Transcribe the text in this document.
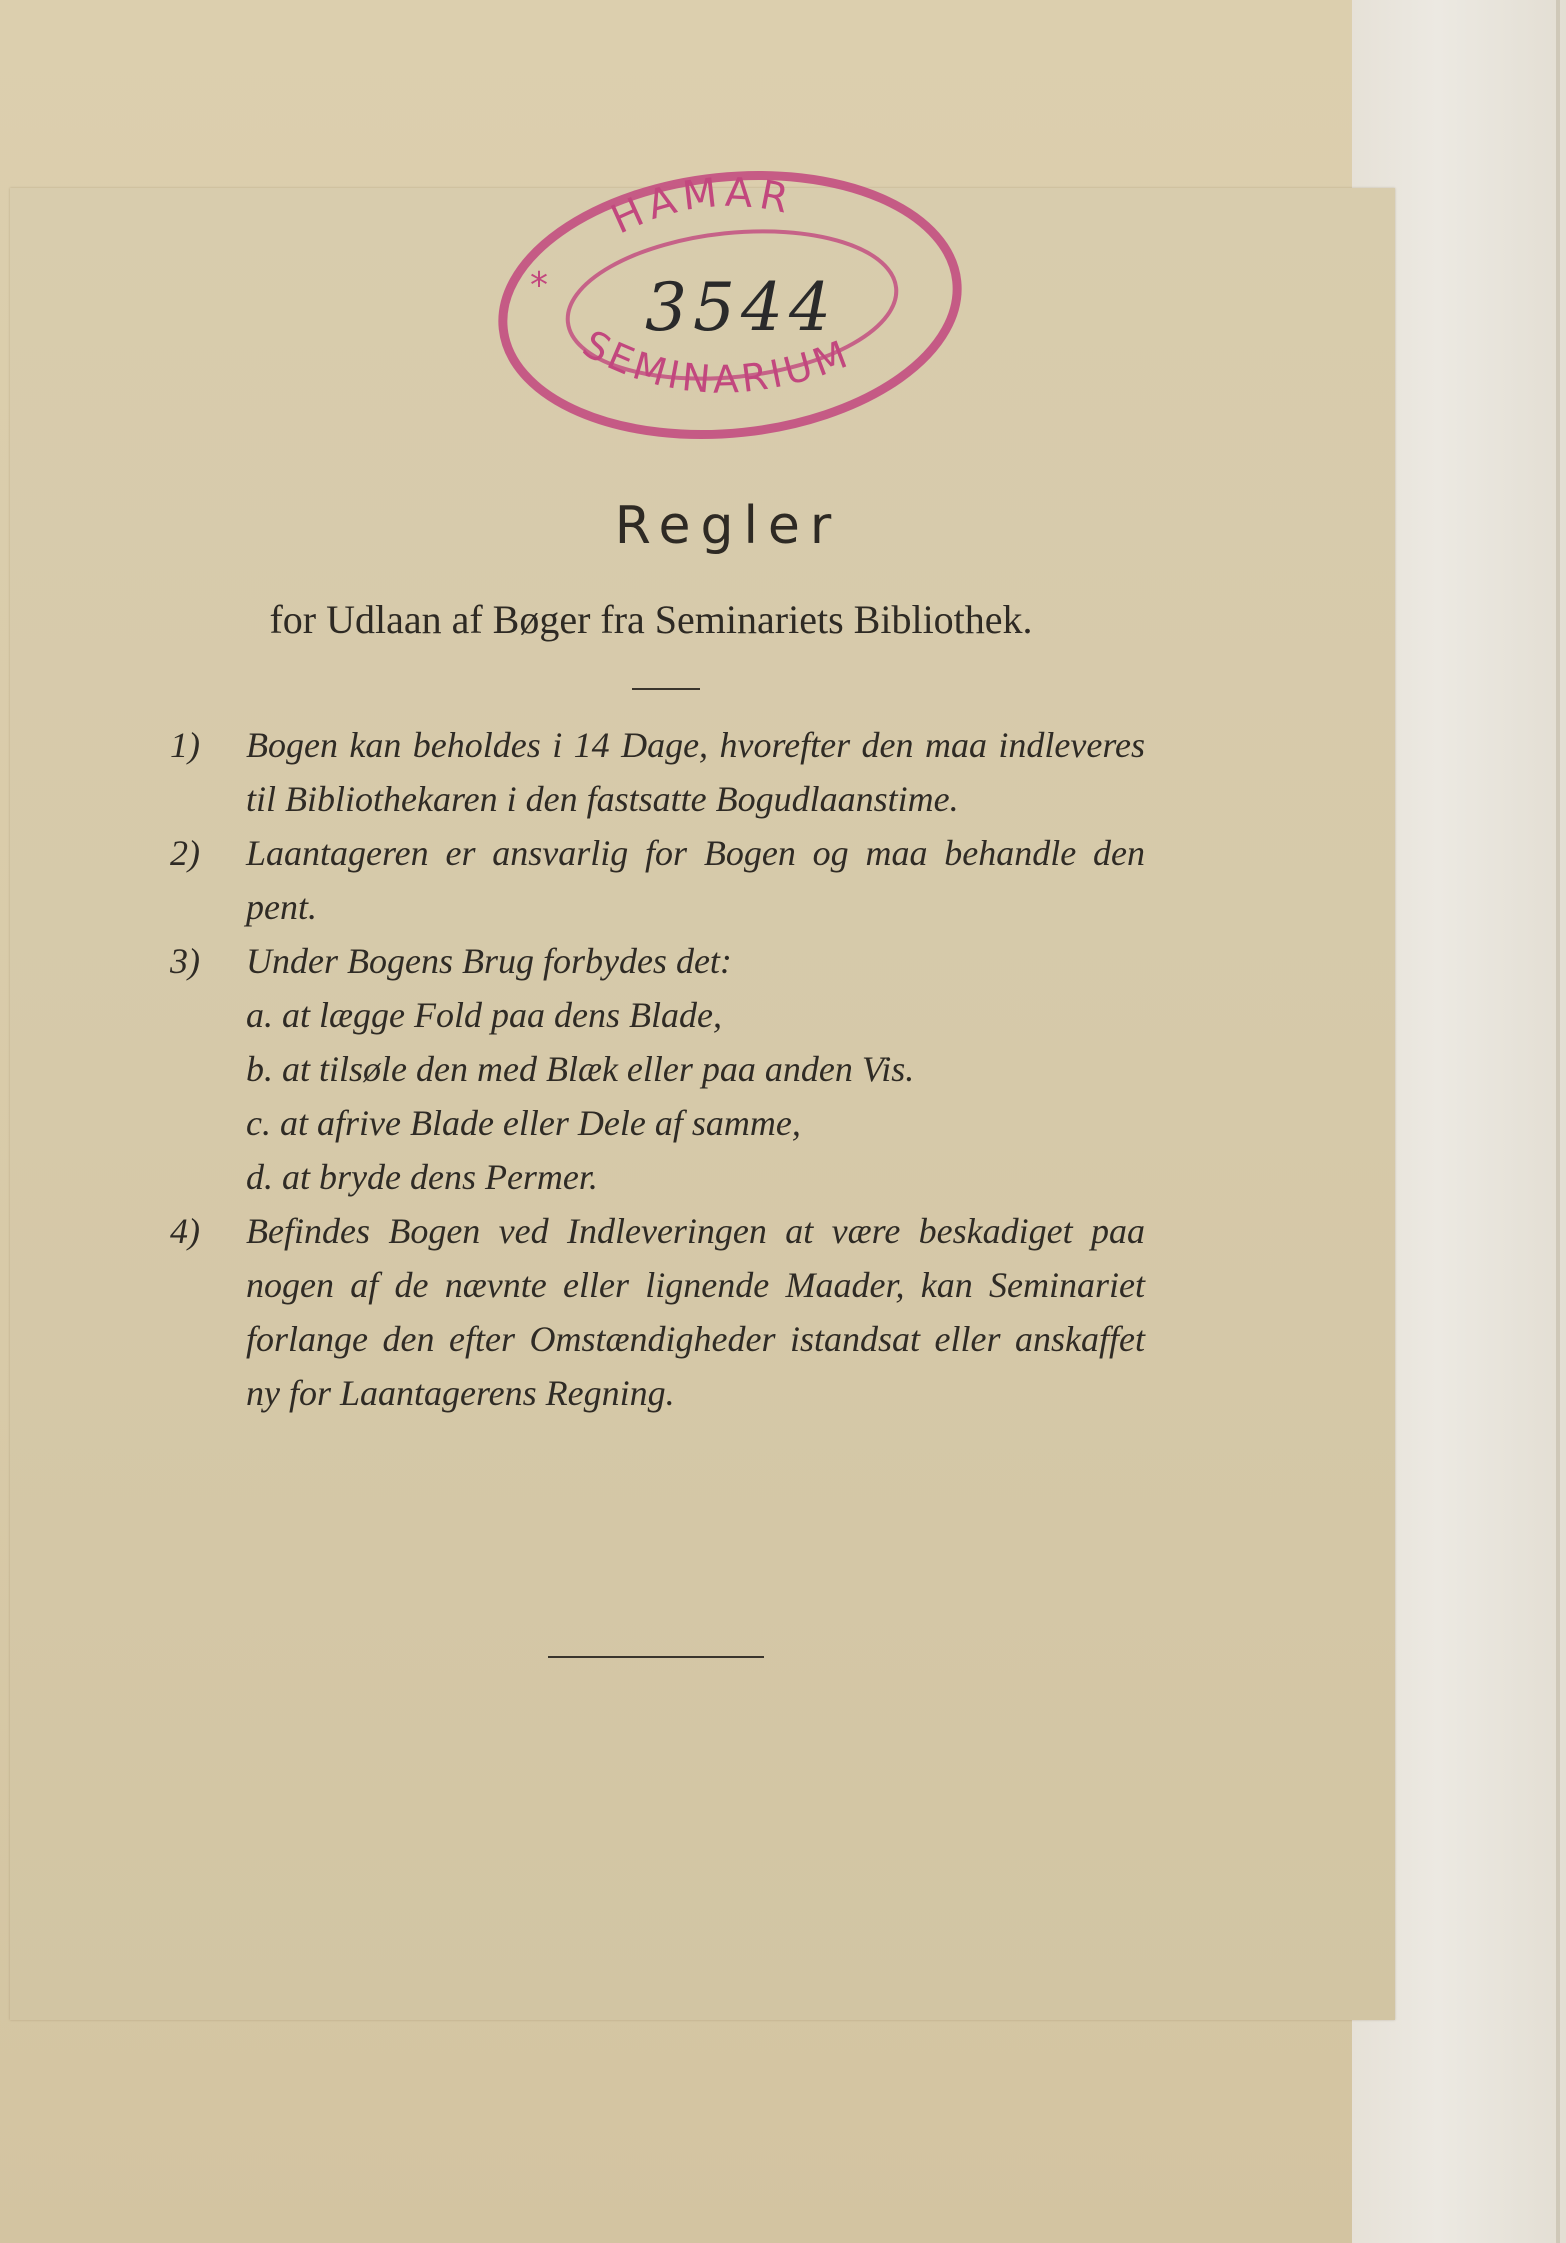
HAMAR
SEMINARIUM
* 3544
Regler
for Udlaan af Bøger fra Seminariets Bibliothek.
1) Bogen kan beholdes i 14 Dage, hvorefter den maa indleveres til Bibliothekaren i den fastsatte Bogudlaanstime.
2) Laantageren er ansvarlig for Bogen og maa behandle den pent.
3) Under Bogens Brug forbydes det:
a. at lægge Fold paa dens Blade,
b. at tilsøle den med Blæk eller paa anden Vis.
c. at afrive Blade eller Dele af samme,
d. at bryde dens Permer.
4) Befindes Bogen ved Indleveringen at være beskadiget paa nogen af de nævnte eller lignende Maader, kan Seminariet forlange den efter Omstændigheder istandsat eller anskaffet ny for Laantagerens Regning.
